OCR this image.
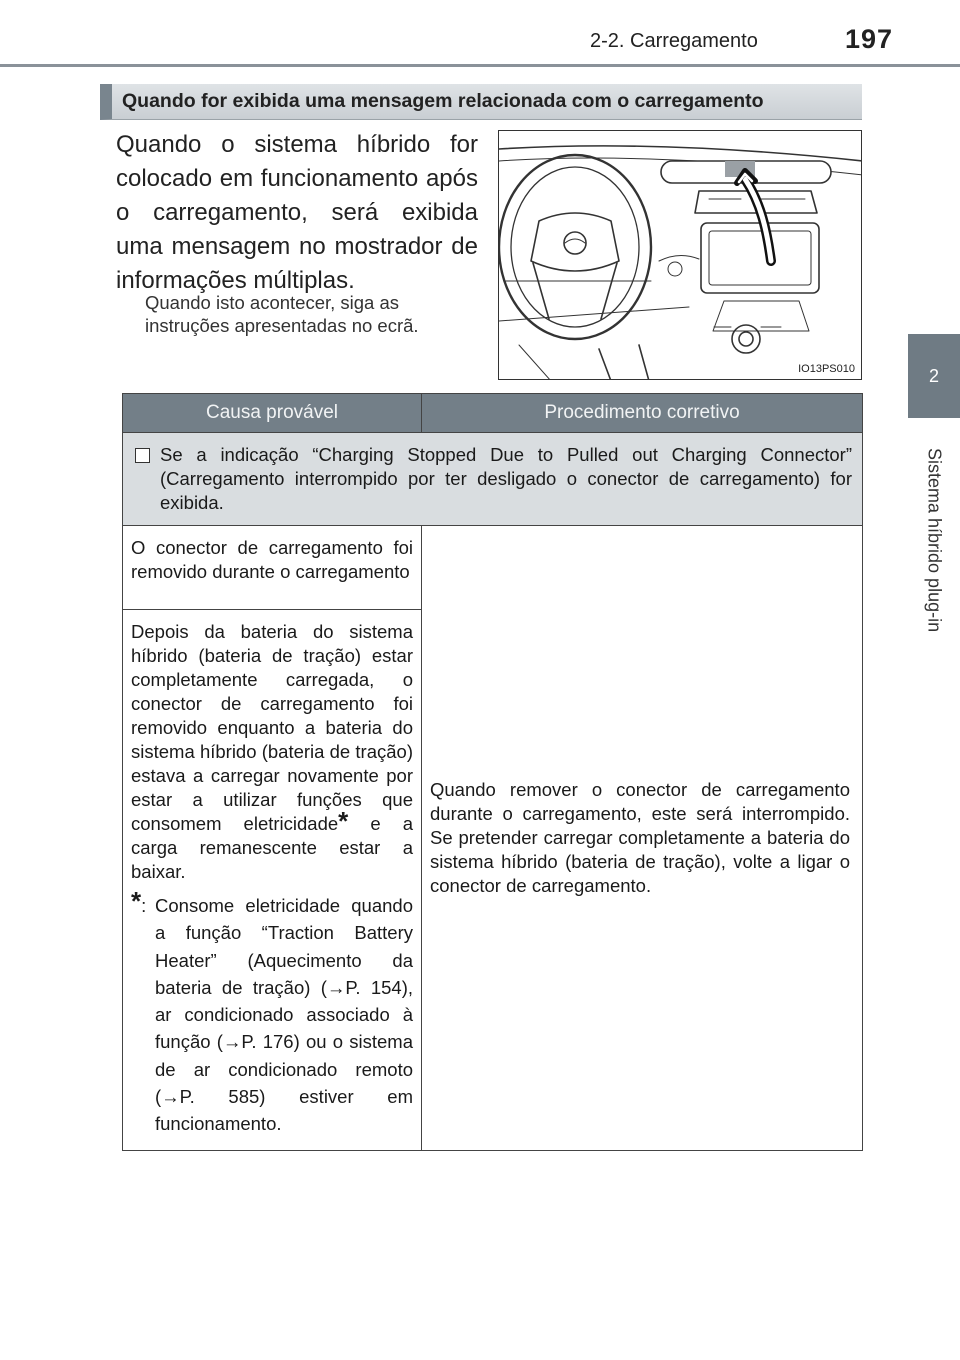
2-2. Carregamento	197
2
Sistema híbrido plug-in
Quando for exibida uma mensagem relacionada com o carregamento

Quando o sistema híbrido for colocado em funcionamento após o carregamento, será exibida uma mensagem no mostrador de informações múltiplas.

Quando isto acontecer, siga as instruções apresentadas no ecrã.

IO13PS010
Causa provável	Procedimento corretivo

Se a indicação “Charging Stopped Due to Pulled out Charging Connector” (Carregamento interrompido por ter desligado o conector de carregamento) for exibida.	

O conector de carregamento foi removido durante o carregamento	Quando remover o conector de carregamento durante o carregamento, este será interrompido. Se pretender carregar completamente a bateria do sistema híbrido (bateria de tração), volte a ligar o conector de carregamento.

Depois da bateria do sistema híbrido (bateria de tração) estar completamente carregada, o conector de carregamento foi removido enquanto a bateria do sistema híbrido (bateria de tração) estava a carregar novamente por estar a utilizar funções que consomem eletricidade* e a carga remanescente estar a baixar.

*: Consome eletricidade quando a função “Traction Battery Heater” (Aquecimento da bateria de tração) (→P. 154), ar condicionado associado à função (→P. 176) ou o sistema de ar condicionado remoto (→P. 585) estiver em funcionamento.	
